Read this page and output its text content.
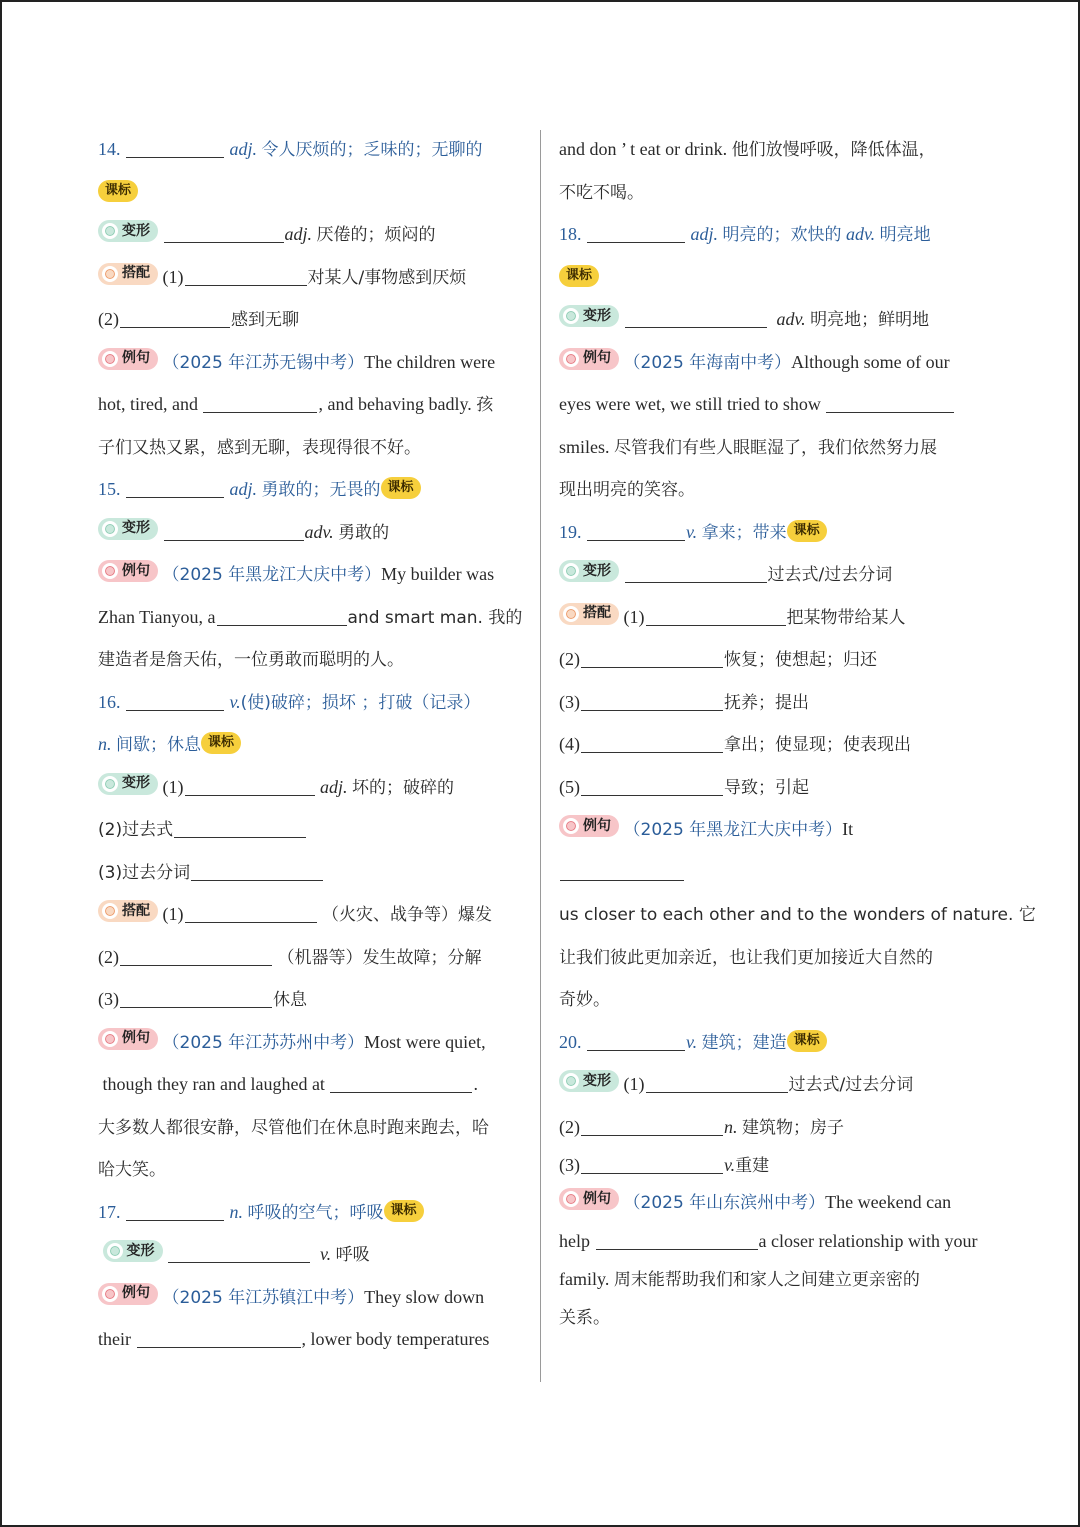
14.	adj. 令人厌烦的；乏味的；无聊的
课标
变形	adj. 厌倦的；烦闷的
搭配 (1)	对某人/事物感到厌烦
(2)	感到无聊
例句 （2025 年江苏无锡中考）The children were
hot, tired, and	, and behaving badly. 孩
子们又热又累，感到无聊，表现得很不好。
15.	adj. 勇敢的；无畏的 课标
变形	adv. 勇敢的
例句 （2025 年黑龙江大庆中考）My builder was
Zhan Tianyou, a	and smart man. 我的
建造者是詹天佑，一位勇敢而聪明的人。
16.	v.(使)破碎；损坏 ；打破（记录）
n. 间歇；休息 课标
变形 (1)	adj. 坏的；破碎的
(2)过去式
(3)过去分词
搭配 (1)	（火灾、战争等）爆发
(2)	（机器等）发生故障；分解
(3)	休息
例句 （2025 年江苏苏州中考）Most were quiet,
though they ran and laughed at	.
大多数人都很安静，尽管他们在休息时跑来跑去，哈
哈大笑。
17.	n. 呼吸的空气；呼吸 课标

变形	v. 呼吸
例句 （2025 年江苏镇江中考）They slow down
their	, lower body temperatures
and don ’ t eat or drink. 他们放慢呼吸，降低体温，
不吃不喝。
18.	adj. 明亮的；欢快的 adv. 明亮地
课标
变形	adv. 明亮地；鲜明地
例句 （2025 年海南中考）Although some of our
eyes were wet, we still tried to show
smiles. 尽管我们有些人眼眶湿了，我们依然努力展
现出明亮的笑容。
19.	v. 拿来；带来 课标
变形	过去式/过去分词
搭配 (1)	把某物带给某人
(2)	恢复；使想起；归还
(3)	抚养；提出
(4)	拿出；使显现；使表现出
(5)	导致；引起
例句 （2025 年黑龙江大庆中考）It
us closer to each other and to the wonders of nature. 它
让我们彼此更加亲近，也让我们更加接近大自然的
奇妙。
20.	v. 建筑；建造 课标
变形 (1)	过去式/过去分词
(2)	n. 建筑物；房子
(3)	v.重建
例句 （2025 年山东滨州中考）The weekend can
help	a closer relationship with your
family. 周末能帮助我们和家人之间建立更亲密的
关系。
